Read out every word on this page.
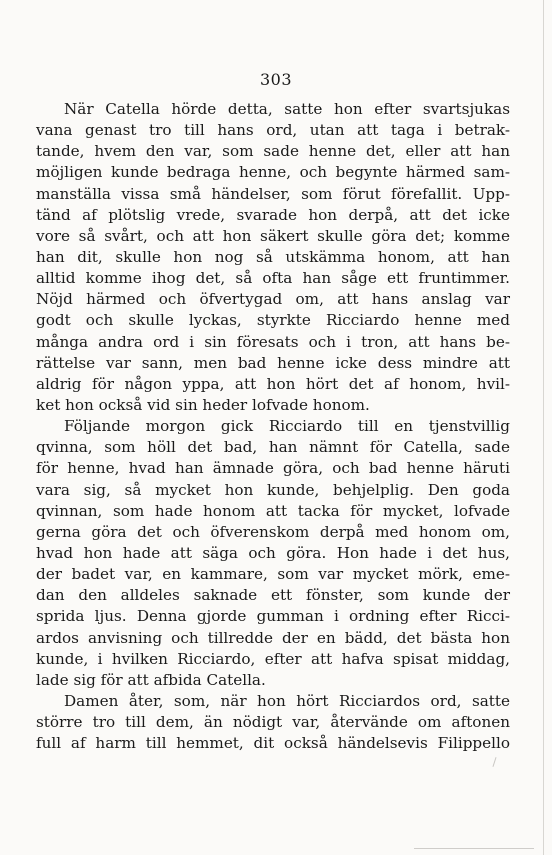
303
När Catella hörde detta, satte hon efter svartsjukas
vana genast tro till hans ord, utan att taga i betrak-
tande, hvem den var, som sade henne det, eller att han
möjligen kunde bedraga henne, och begynte härmed sam-
manställa vissa små händelser, som förut förefallit. Upp-
tänd af plötslig vrede, svarade hon derpå, att det icke
vore så svårt, och att hon säkert skulle göra det; komme
han dit, skulle hon nog så utskämma honom, att han
alltid komme ihog det, så ofta han såge ett fruntimmer.
Nöjd härmed och öfvertygad om, att hans anslag var
godt och skulle lyckas, styrkte Ricciardo henne med
många andra ord i sin föresats och i tron, att hans be-
rättelse var sann, men bad henne icke dess mindre att
aldrig för någon yppa, att hon hört det af honom, hvil-
ket hon också vid sin heder lofvade honom.
Följande morgon gick Ricciardo till en tjenstvillig
qvinna, som höll det bad, han nämnt för Catella, sade
för henne, hvad han ämnade göra, och bad henne häruti
vara sig, så mycket hon kunde, behjelplig. Den goda
qvinnan, som hade honom att tacka för mycket, lofvade
gerna göra det och öfverenskom derpå med honom om,
hvad hon hade att säga och göra. Hon hade i det hus,
der badet var, en kammare, som var mycket mörk, eme-
dan den alldeles saknade ett fönster, som kunde der
sprida ljus. Denna gjorde gumman i ordning efter Ricci-
ardos anvisning och tillredde der en bädd, det bästa hon
kunde, i hvilken Ricciardo, efter att hafva spisat middag,
lade sig för att afbida Catella.
Damen åter, som, när hon hört Ricciardos ord, satte
större tro till dem, än nödigt var, återvände om aftonen
full af harm till hemmet, dit också händelsevis Filippello
